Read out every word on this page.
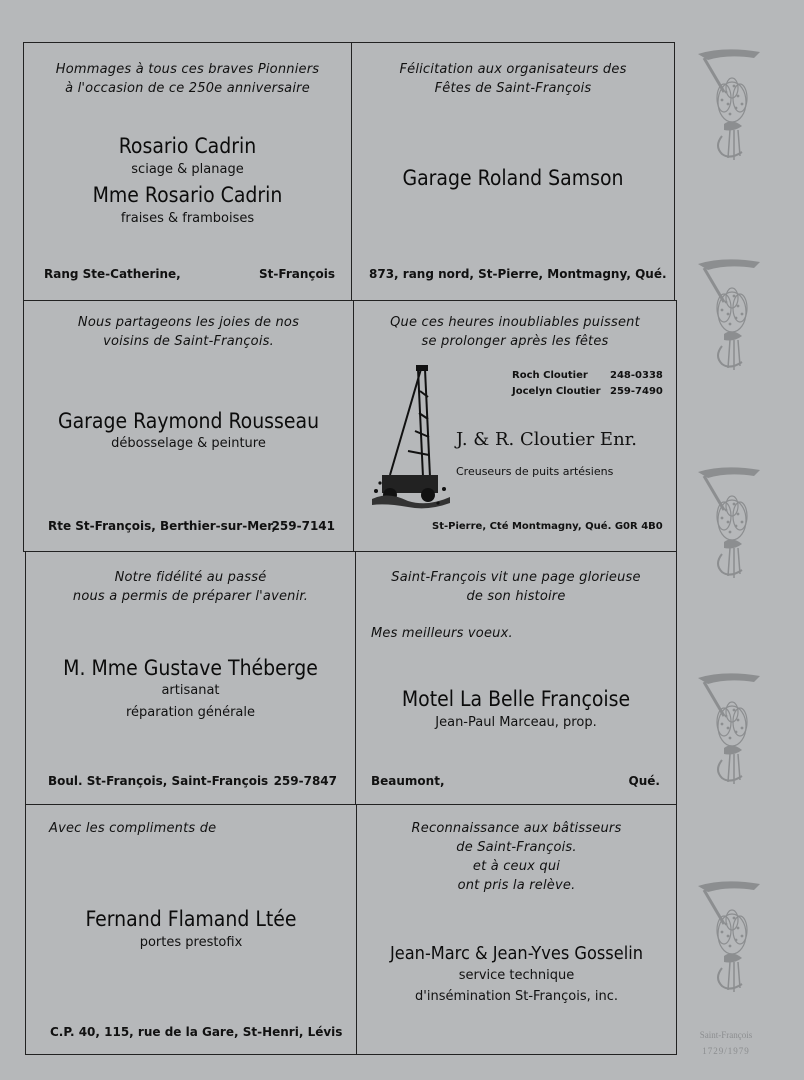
Hommages à tous ces braves Pionniers
à l'occasion de ce 250e anniversaire
Rosario Cadrin
sciage & planage
Mme Rosario Cadrin
fraises & framboises
Rang Ste-Catherine,	St-François
Félicitation aux organisateurs des
Fêtes de Saint-François
Garage Roland Samson
873, rang nord, St-Pierre, Montmagny, Qué.
Nous partageons les joies de nos
voisins de Saint-François.
Garage Raymond Rousseau
débosselage & peinture
Rte St-François, Berthier-sur-Mer,
259-7141
Que ces heures inoubliables puissent
se prolonger après les fêtes
Roch Cloutier 248-0338
Jocelyn Cloutier 259-7490
J. & R. Cloutier Enr.
Creuseurs de puits artésiens
St-Pierre, Cté Montmagny, Qué. G0R 4B0
Notre fidélité au passé
nous a permis de préparer l'avenir.
M. Mme Gustave Théberge
artisanat
réparation générale
Boul. St-François, Saint-François 259-7847
Saint-François vit une page glorieuse
de son histoire
Mes meilleurs voeux.
Motel La Belle Françoise
Jean-Paul Marceau, prop.
Beaumont,	Qué.
Avec les compliments de
Fernand Flamand Ltée
portes prestofix
C.P. 40, 115, rue de la Gare, St-Henri, Lévis
Reconnaissance aux bâtisseurs
de Saint-François.
et à ceux qui
ont pris la relève.
Jean-Marc & Jean-Yves Gosselin
service technique
d'insémination St-François, inc.
Saint-François
1729/1979
